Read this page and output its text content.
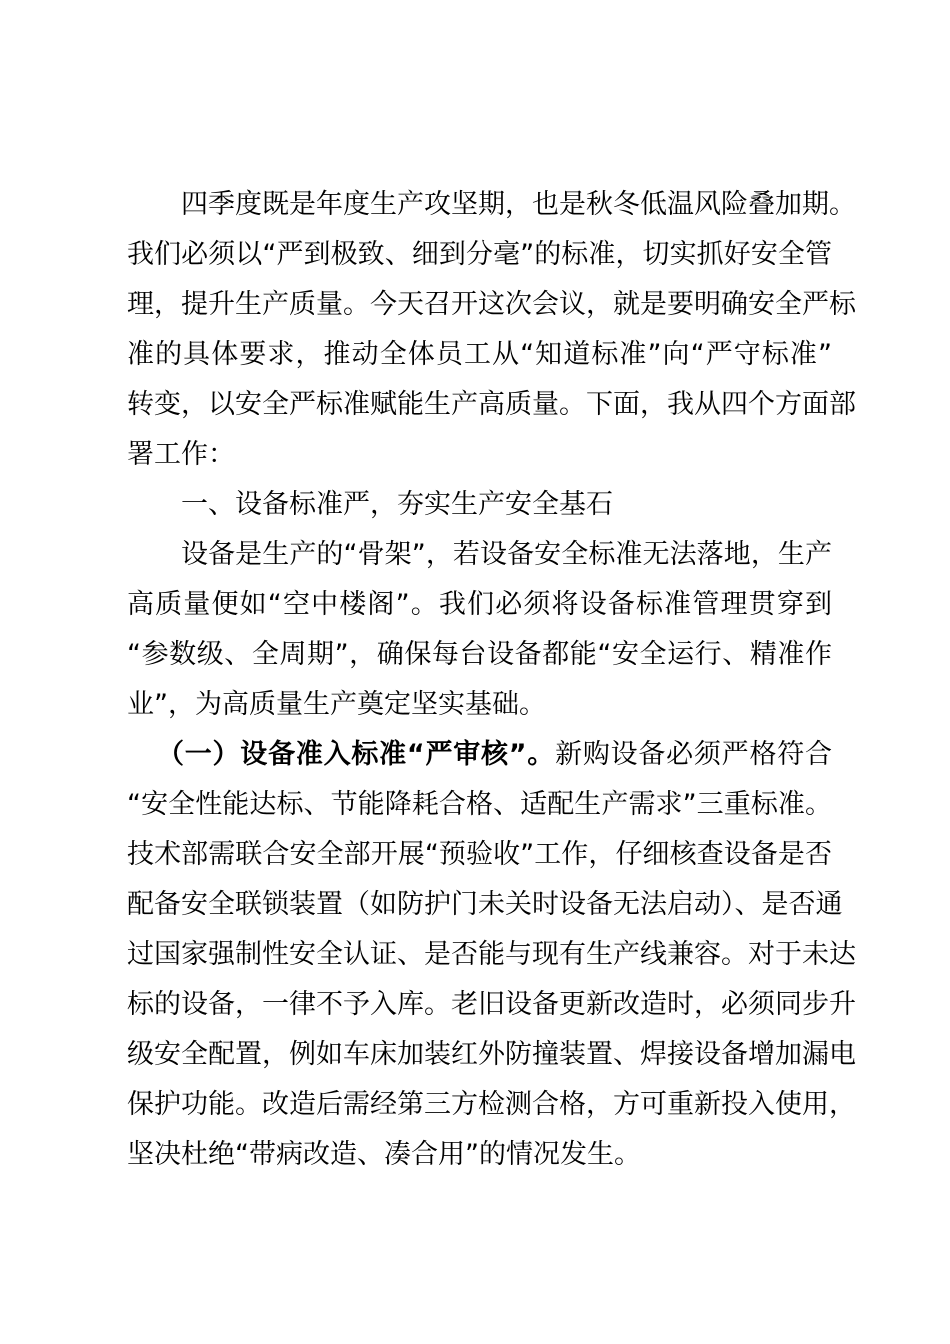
四季度既是年度生产攻坚期，也是秋冬低温风险叠加期。
我们必须以“严到极致、细到分毫”的标准，切实抓好安全管
理，提升生产质量。今天召开这次会议，就是要明确安全严标
准的具体要求，推动全体员工从“知道标准”向“严守标准”
转变，以安全严标准赋能生产高质量。下面，我从四个方面部
署工作：
一、设备标准严，夯实生产安全基石
设备是生产的“骨架”，若设备安全标准无法落地，生产
高质量便如“空中楼阁”。我们必须将设备标准管理贯穿到
“参数级、全周期”，确保每台设备都能“安全运行、精准作
业”，为高质量生产奠定坚实基础。
（一）设备准入标准“严审核”。新购设备必须严格符合
“安全性能达标、节能降耗合格、适配生产需求”三重标准。
技术部需联合安全部开展“预验收”工作，仔细核查设备是否
配备安全联锁装置（如防护门未关时设备无法启动）、是否通
过国家强制性安全认证、是否能与现有生产线兼容。对于未达
标的设备，一律不予入库。老旧设备更新改造时，必须同步升
级安全配置，例如车床加装红外防撞装置、焊接设备增加漏电
保护功能。改造后需经第三方检测合格，方可重新投入使用，
坚决杜绝“带病改造、凑合用”的情况发生。
